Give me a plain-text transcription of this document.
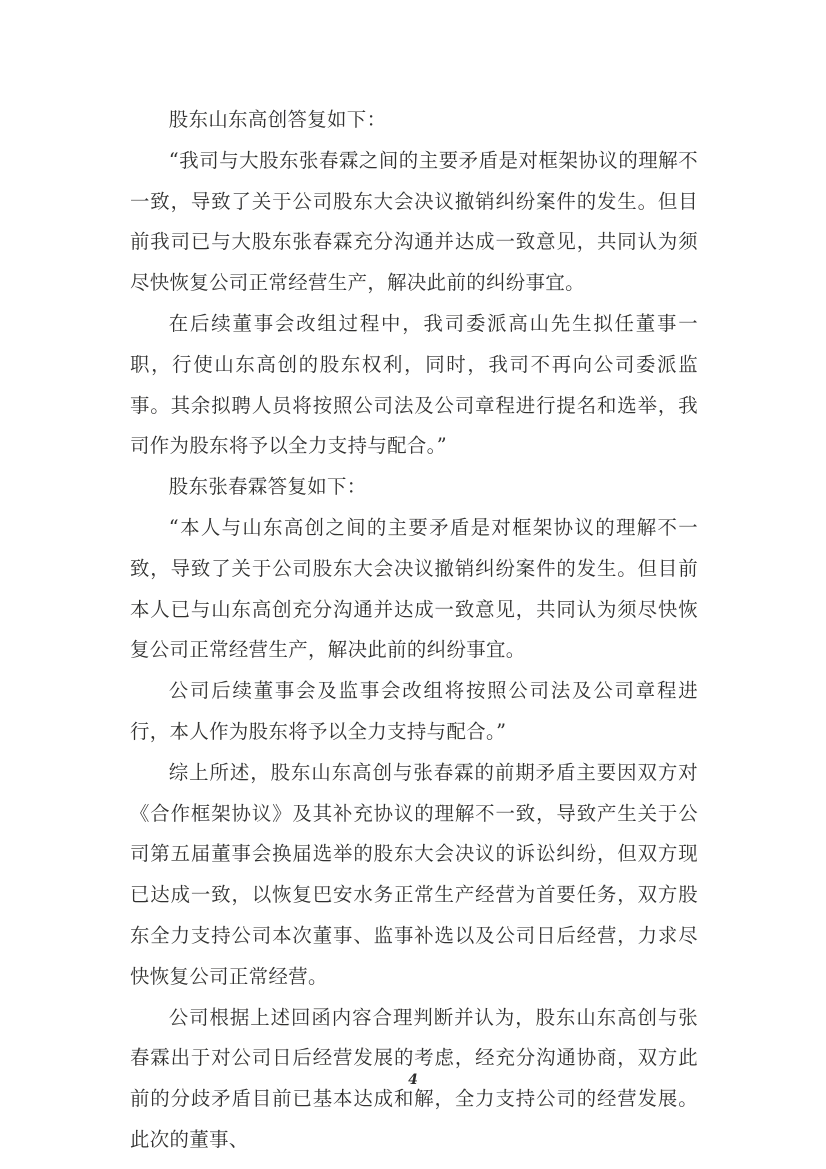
股东山东高创答复如下：

“我司与大股东张春霖之间的主要矛盾是对框架协议的理解不一致，导致了关于公司股东大会决议撤销纠纷案件的发生。但目前我司已与大股东张春霖充分沟通并达成一致意见，共同认为须尽快恢复公司正常经营生产，解决此前的纠纷事宜。

在后续董事会改组过程中，我司委派高山先生拟任董事一职，行使山东高创的股东权利，同时，我司不再向公司委派监事。其余拟聘人员将按照公司法及公司章程进行提名和选举，我司作为股东将予以全力支持与配合。”

股东张春霖答复如下：

“本人与山东高创之间的主要矛盾是对框架协议的理解不一致，导致了关于公司股东大会决议撤销纠纷案件的发生。但目前本人已与山东高创充分沟通并达成一致意见，共同认为须尽快恢复公司正常经营生产，解决此前的纠纷事宜。

公司后续董事会及监事会改组将按照公司法及公司章程进行，本人作为股东将予以全力支持与配合。”

综上所述，股东山东高创与张春霖的前期矛盾主要因双方对《合作框架协议》及其补充协议的理解不一致，导致产生关于公司第五届董事会换届选举的股东大会决议的诉讼纠纷，但双方现已达成一致，以恢复巴安水务正常生产经营为首要任务，双方股东全力支持公司本次董事、监事补选以及公司日后经营，力求尽快恢复公司正常经营。

公司根据上述回函内容合理判断并认为，股东山东高创与张春霖出于对公司日后经营发展的考虑，经充分沟通协商，双方此前的分歧矛盾目前已基本达成和解，全力支持公司的经营发展。此次的董事、

4
